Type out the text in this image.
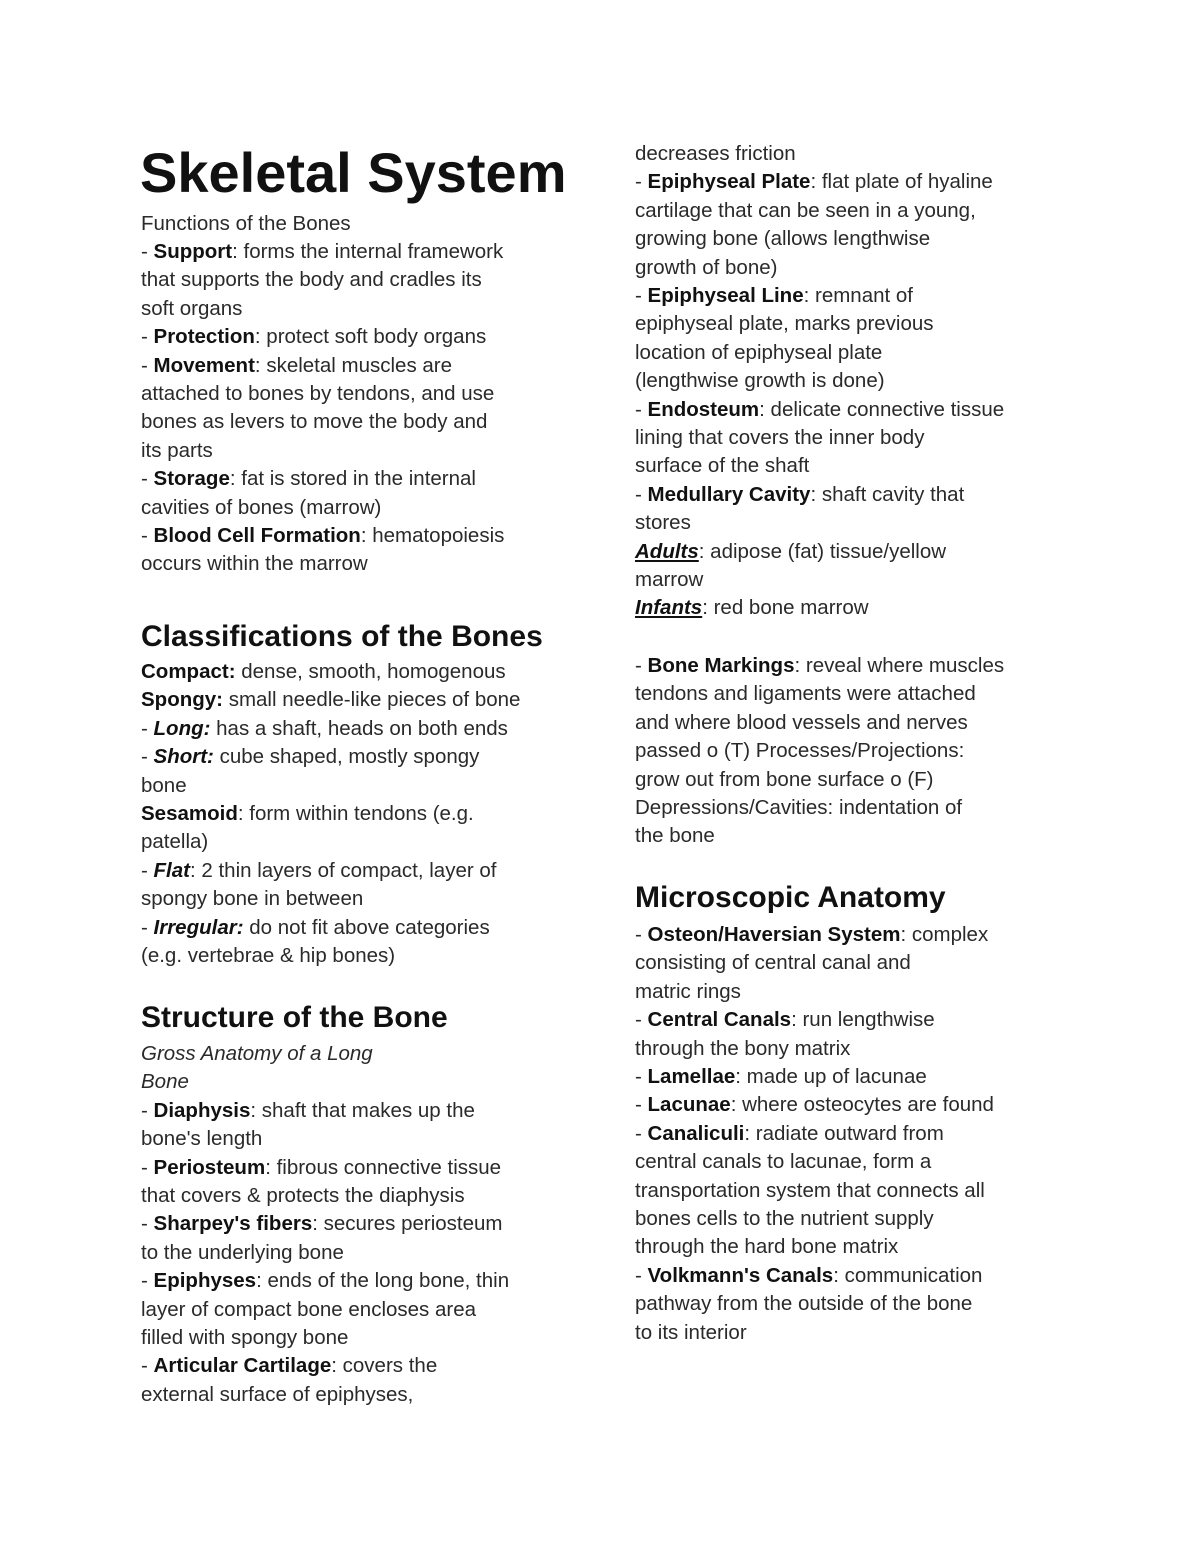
Skeletal System
Functions of the Bones
- Support: forms the internal framework
that supports the body and cradles its
soft organs
- Protection: protect soft body organs
- Movement: skeletal muscles are
attached to bones by tendons, and use
bones as levers to move the body and
its parts
- Storage: fat is stored in the internal
cavities of bones (marrow)
- Blood Cell Formation: hematopoiesis
occurs within the marrow
Classifications of the Bones
Compact: dense, smooth, homogenous
Spongy: small needle-like pieces of bone
- Long: has a shaft, heads on both ends
- Short: cube shaped, mostly spongy
bone
Sesamoid: form within tendons (e.g.
patella)
- Flat: 2 thin layers of compact, layer of
spongy bone in between
- Irregular: do not fit above categories
(e.g. vertebrae & hip bones)
Structure of the Bone
Gross Anatomy of a Long
Bone
- Diaphysis: shaft that makes up the
bone's length
- Periosteum: fibrous connective tissue
that covers & protects the diaphysis
- Sharpey's fibers: secures periosteum
to the underlying bone
- Epiphyses: ends of the long bone, thin
layer of compact bone encloses area
filled with spongy bone
- Articular Cartilage: covers the
external surface of epiphyses,
decreases friction
- Epiphyseal Plate: flat plate of hyaline
cartilage that can be seen in a young,
growing bone (allows lengthwise
growth of bone)
- Epiphyseal Line: remnant of
epiphyseal plate, marks previous
location of epiphyseal plate
(lengthwise growth is done)
- Endosteum: delicate connective tissue
lining that covers the inner body
surface of the shaft
- Medullary Cavity: shaft cavity that
stores
Adults: adipose (fat) tissue/yellow
marrow
Infants: red bone marrow
- Bone Markings: reveal where muscles
tendons and ligaments were attached
and where blood vessels and nerves
passed o (T) Processes/Projections:
grow out from bone surface o (F)
Depressions/Cavities: indentation of
the bone
Microscopic Anatomy
- Osteon/Haversian System: complex
consisting of central canal and
matric rings
- Central Canals: run lengthwise
through the bony matrix
- Lamellae: made up of lacunae
- Lacunae: where osteocytes are found
- Canaliculi: radiate outward from
central canals to lacunae, form a
transportation system that connects all
bones cells to the nutrient supply
through the hard bone matrix
- Volkmann's Canals: communication
pathway from the outside of the bone
to its interior
